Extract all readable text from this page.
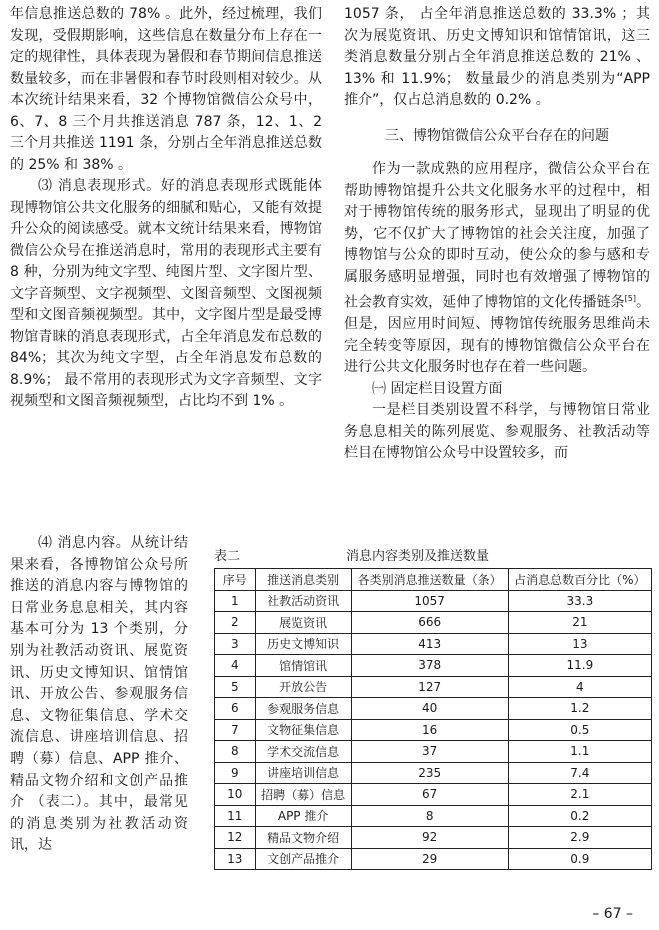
年信息推送总数的 78% 。此外，经过梳理，我们发现，受假期影响，这些信息在数量分布上存在一定的规律性，具体表现为暑假和春节期间信息推送数量较多，而在非暑假和春节时段则相对较少。从本次统计结果来看，32 个博物馆微信公众号中，6、7、8 三个月共推送消息 787 条，12、1、2 三个月共推送 1191 条，分别占全年消息推送总数的 25% 和 38% 。

⑶ 消息表现形式。好的消息表现形式既能体现博物馆公共文化服务的细腻和贴心，又能有效提升公众的阅读感受。就本文统计结果来看，博物馆微信公众号在推送消息时，常用的表现形式主要有 8 种，分别为纯文字型、纯图片型、文字图片型、文字音频型、文字视频型、文图音频型、文图视频型和文图音频视频型。其中，文字图片型是最受博物馆青睐的消息表现形式，占全年消息发布总数的 84%；其次为纯文字型，占全年消息发布总数的 8.9%； 最不常用的表现形式为文字音频型、文字视频型和文图音频视频型，占比均不到 1% 。

⑷ 消息内容。从统计结果来看，各博物馆公众号所推送的消息内容与博物馆的日常业务息息相关，其内容基本可分为 13 个类别，分别为社教活动资讯、展览资讯、历史文博知识、馆情馆讯、开放公告、参观服务信息、文物征集信息、学术交流信息、讲座培训信息、招聘（募）信息、APP 推介、精品文物介绍和文创产品推介 （表二）。其中，最常见的消息类别为社教活动资讯，达

1057 条， 占全年消息推送总数的 33.3% ；其次为展览资讯、历史文博知识和馆情馆讯，这三类消息数量分别占全年消息推送总数的 21% 、13% 和 11.9%； 数量最少的消息类别为“APP 推介”，仅占总消息数的 0.2% 。

三、博物馆微信公众平台存在的问题

作为一款成熟的应用程序，微信公众平台在帮助博物馆提升公共文化服务水平的过程中，相对于博物馆传统的服务形式，显现出了明显的优势，它不仅扩大了博物馆的社会关注度，加强了博物馆与公众的即时互动，使公众的参与感和专属服务感明显增强，同时也有效增强了博物馆的社会教育实效，延伸了博物馆的文化传播链条[5]。但是，因应用时间短、博物馆传统服务思维尚未完全转变等原因，现有的博物馆微信公众平台在进行公共文化服务时也存在着一些问题。

㈠ 固定栏目设置方面

一是栏目类别设置不科学，与博物馆日常业务息息相关的陈列展览、参观服务、社教活动等栏目在博物馆公众号中设置较多，而

表二	消息内容类别及推送数量
序号	推送消息类别	各类别消息推送数量（条）	占消息总数百分比（%）
1	社教活动资讯	1057	33.3
2	展览资讯	666	21
3	历史文博知识	413	13
4	馆情馆讯	378	11.9
5	开放公告	127	4
6	参观服务信息	40	1.2
7	文物征集信息	16	0.5
8	学术交流信息	37	1.1
9	讲座培训信息	235	7.4
10	招聘（募）信息	67	2.1
11	APP 推介	8	0.2
12	精品文物介绍	92	2.9
13	文创产品推介	29	0.9
– 67 –
